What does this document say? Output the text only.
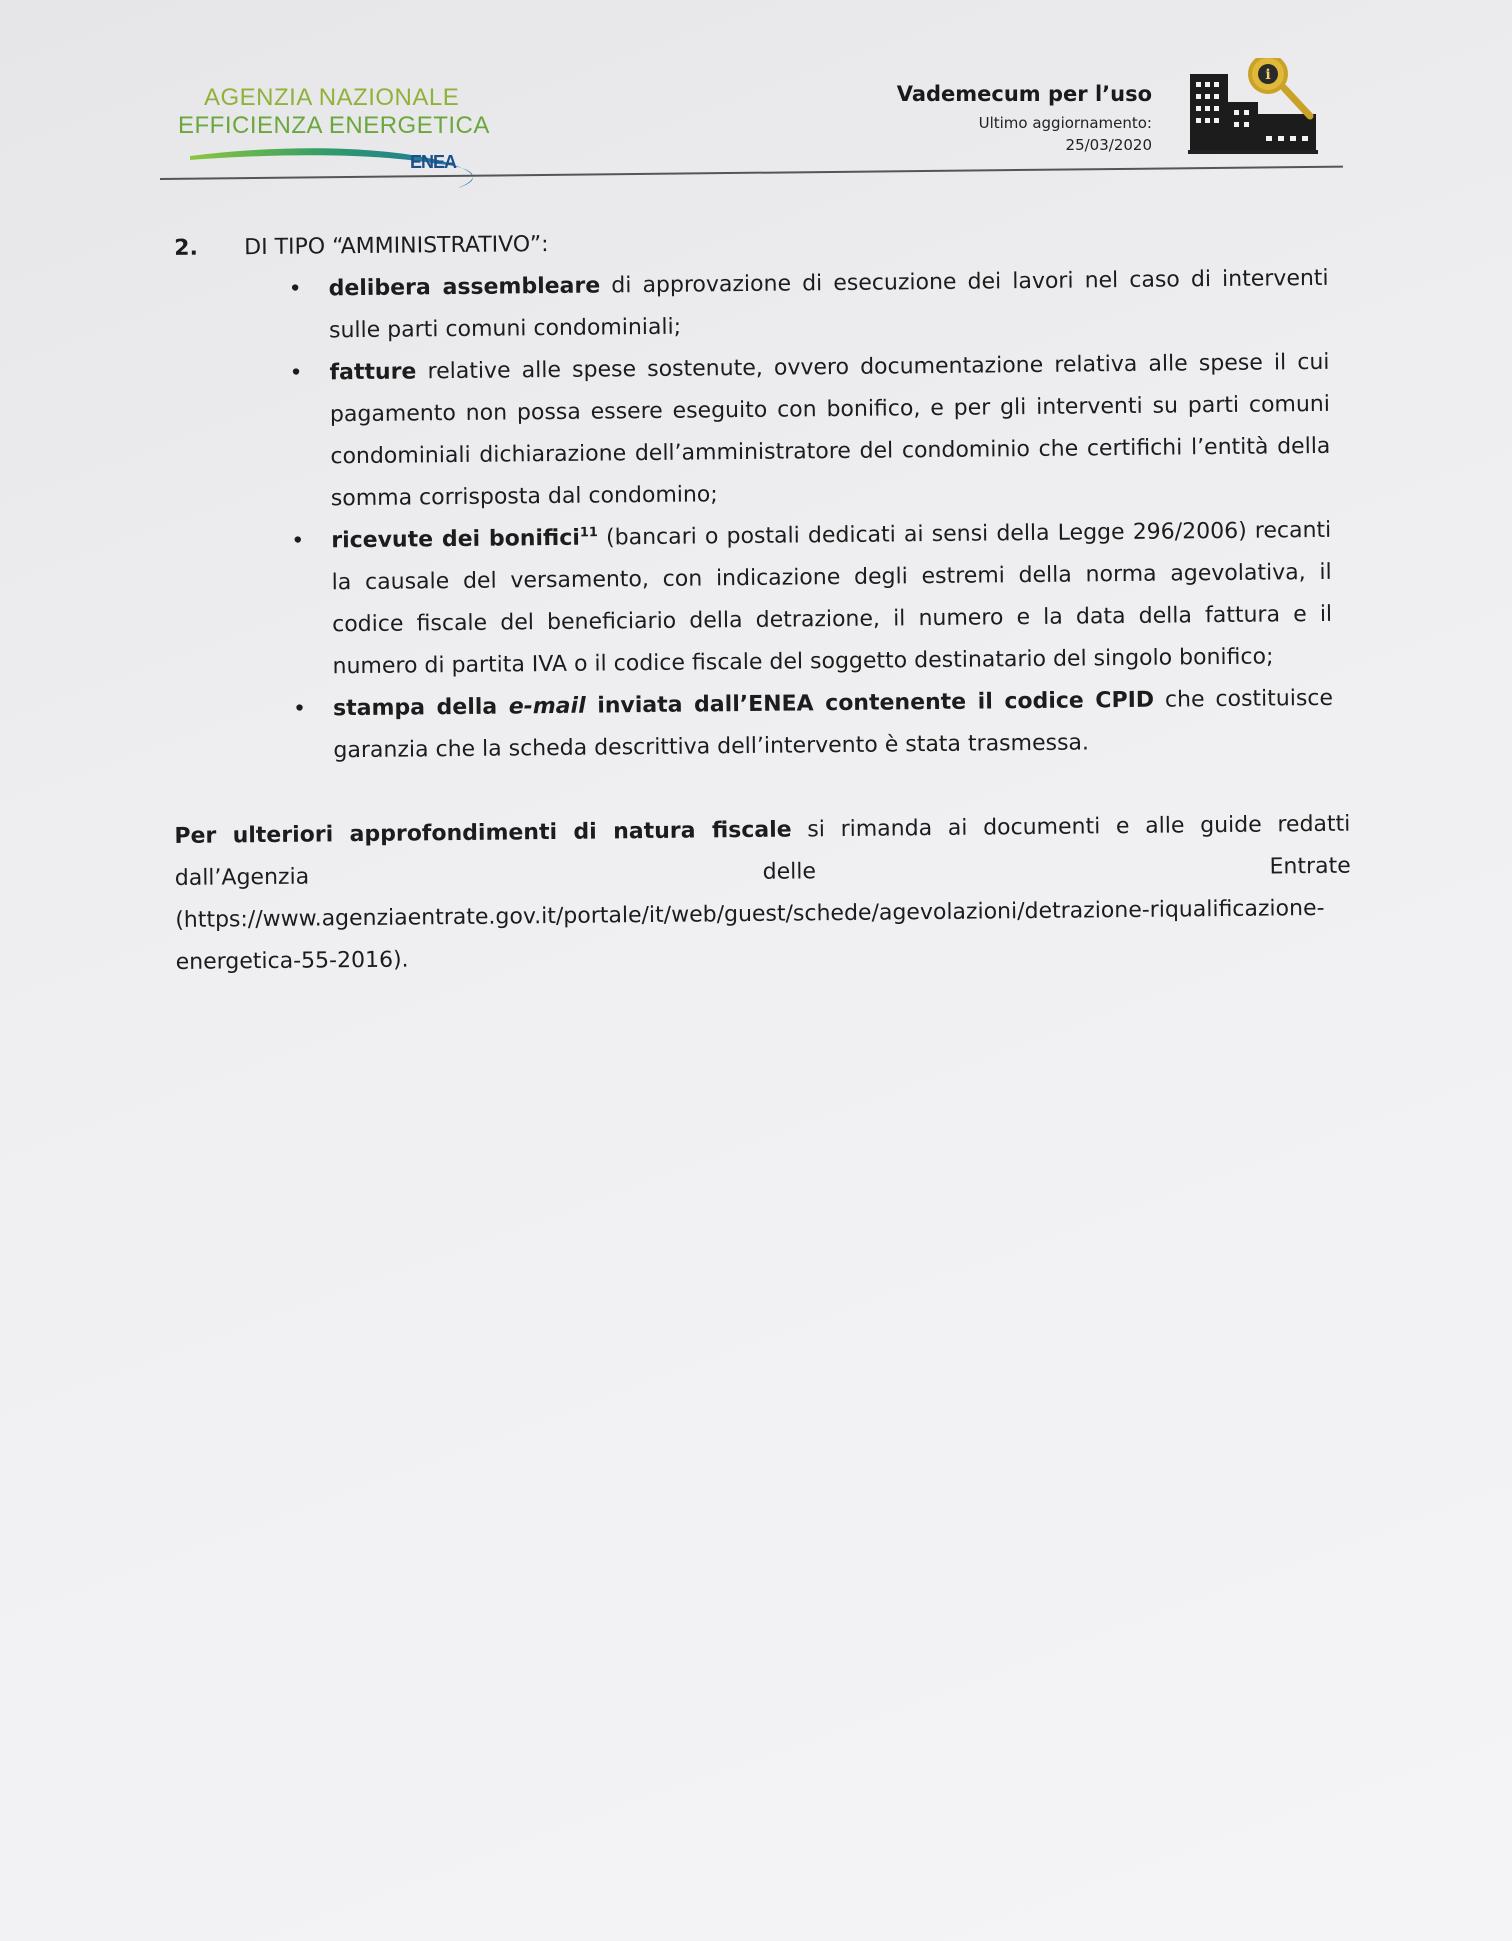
AGENZIA NAZIONALE
EFFICIENZA ENERGETICA
ENEA
Vademecum per l’uso
Ultimo aggiornamento:
25/03/2020
i
2.	DI TIPO “AMMINISTRATIVO”:
• delibera assembleare di approvazione di esecuzione dei lavori nel caso di interventi sulle parti comuni condominiali;
• fatture relative alle spese sostenute, ovvero documentazione relativa alle spese il cui pagamento non possa essere eseguito con bonifico, e per gli interventi su parti comuni condominiali dichiarazione dell’amministratore del condominio che certifichi l’entità della somma corrisposta dal condomino;
• ricevute dei bonifici$^{11}$ (bancari o postali dedicati ai sensi della Legge 296/2006) recanti la causale del versamento, con indicazione degli estremi della norma agevolativa, il codice fiscale del beneficiario della detrazione, il numero e la data della fattura e il numero di partita IVA o il codice fiscale del soggetto destinatario del singolo bonifico;
• stampa della e-mail inviata dall’ENEA contenente il codice CPID che costituisce garanzia che la scheda descrittiva dell’intervento è stata trasmessa.
Per ulteriori approfondimenti di natura fiscale si rimanda ai documenti e alle guide redatti dall’Agenzia delle Entrate (https://www.agenziaentrate.gov.it/portale/it/web/guest/schede/agevolazioni/detrazione-riqualificazione-energetica-55-2016).
